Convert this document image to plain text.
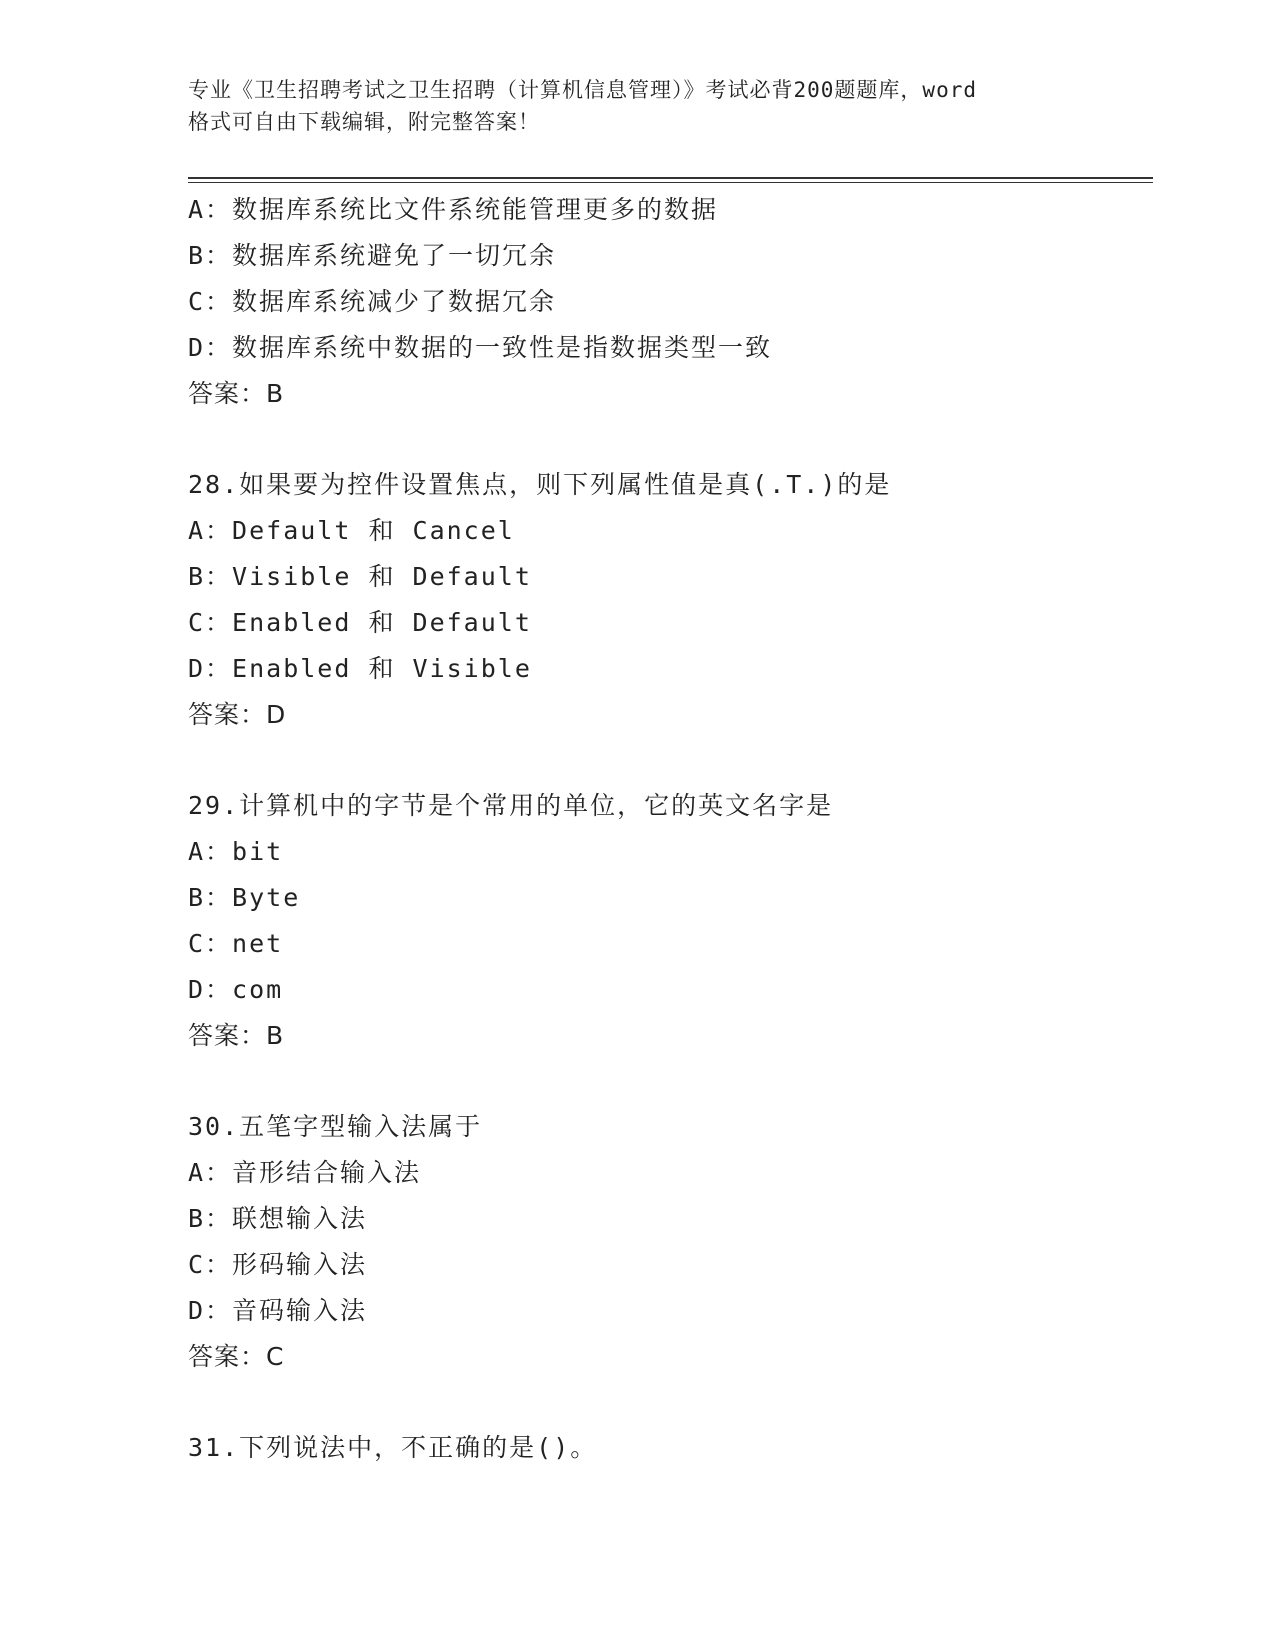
专业《卫生招聘考试之卫生招聘（计算机信息管理）》考试必背200题题库，word
格式可自由下载编辑，附完整答案！
A：数据库系统比文件系统能管理更多的数据
B：数据库系统避免了一切冗余
C：数据库系统减少了数据冗余
D：数据库系统中数据的一致性是指数据类型一致
答案：B
28.如果要为控件设置焦点，则下列属性值是真(.T.)的是
A：Default 和 Cancel
B：Visible 和 Default
C：Enabled 和 Default
D：Enabled 和 Visible
答案：D
29.计算机中的字节是个常用的单位，它的英文名字是
A：bit
B：Byte
C：net
D：com
答案：B
30.五笔字型输入法属于
A：音形结合输入法
B：联想输入法
C：形码输入法
D：音码输入法
答案：C
31.下列说法中，不正确的是()。
